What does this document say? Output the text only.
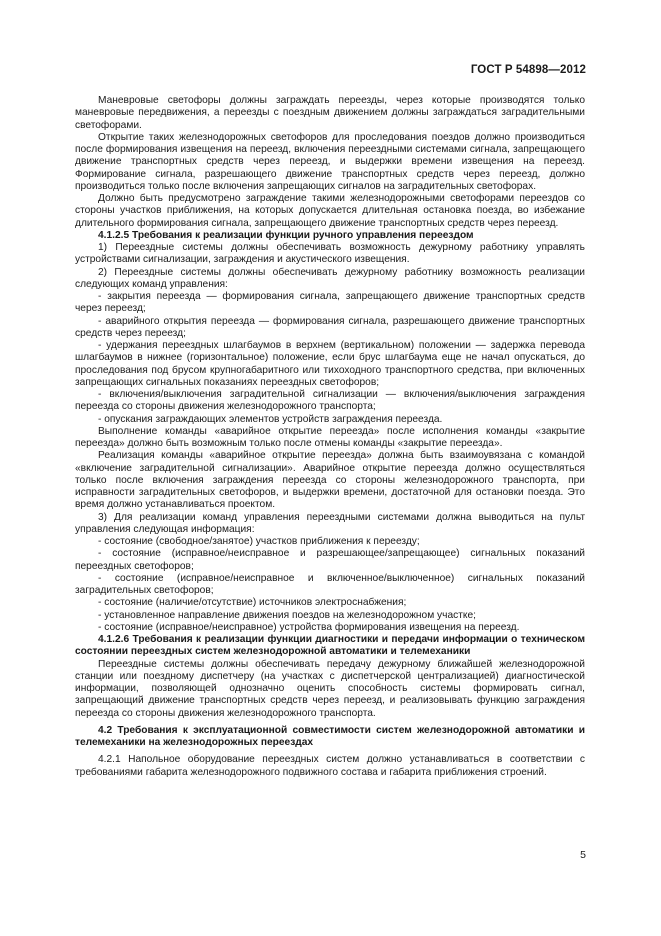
ГОСТ Р 54898—2012

Маневровые светофоры должны заграждать переезды, через которые производятся только маневровые передвижения, а переезды с поездным движением должны заграждаться заградительными светофорами.

Открытие таких железнодорожных светофоров для проследования поездов должно производиться после формирования извещения на переезд, включения переездными системами сигнала, запрещающего движение транспортных средств через переезд, и выдержки времени извещения на переезд. Формирование сигнала, разрешающего движение транспортных средств через переезд, должно производиться только после включения запрещающих сигналов на заградительных светофорах.

Должно быть предусмотрено заграждение такими железнодорожными светофорами переездов со стороны участков приближения, на которых допускается длительная остановка поезда, во избежание длительного формирования сигнала, запрещающего движение транспортных средств через переезд.

4.1.2.5 Требования к реализации функции ручного управления переездом

1) Переездные системы должны обеспечивать возможность дежурному работнику управлять устройствами сигнализации, заграждения и акустического извещения.

2) Переездные системы должны обеспечивать дежурному работнику возможность реализации следующих команд управления:

- закрытия переезда — формирования сигнала, запрещающего движение транспортных средств через переезд;

- аварийного открытия переезда — формирования сигнала, разрешающего движение транспортных средств через переезд;

- удержания переездных шлагбаумов в верхнем (вертикальном) положении — задержка перевода шлагбаумов в нижнее (горизонтальное) положение, если брус шлагбаума еще не начал опускаться, до проследования под брусом крупногабаритного или тихоходного транспортного средства, при включенных запрещающих сигнальных показаниях переездных светофоров;

- включения/выключения заградительной сигнализации — включения/выключения заграждения переезда со стороны движения железнодорожного транспорта;

- опускания заграждающих элементов устройств заграждения переезда.

Выполнение команды «аварийное открытие переезда» после исполнения команды «закрытие переезда» должно быть возможным только после отмены команды «закрытие переезда».

Реализация команды «аварийное открытие переезда» должна быть взаимоувязана с командой «включение заградительной сигнализации». Аварийное открытие переезда должно осуществляться только после включения заграждения переезда со стороны железнодорожного транспорта, при исправности заградительных светофоров, и выдержки времени, достаточной для остановки поезда. Это время должно устанавливаться проектом.

3) Для реализации команд управления переездными системами должна выводиться на пульт управления следующая информация:

- состояние (свободное/занятое) участков приближения к переезду;

- состояние (исправное/неисправное и разрешающее/запрещающее) сигнальных показаний переездных светофоров;

- состояние (исправное/неисправное и включенное/выключенное) сигнальных показаний заградительных светофоров;

- состояние (наличие/отсутствие) источников электроснабжения;

- установленное направление движения поездов на железнодорожном участке;

- состояние (исправное/неисправное) устройства формирования извещения на переезд.

4.1.2.6 Требования к реализации функции диагностики и передачи информации о техническом состоянии переездных систем железнодорожной автоматики и телемеханики

Переездные системы должны обеспечивать передачу дежурному ближайшей железнодорожной станции или поездному диспетчеру (на участках с диспетчерской централизацией) диагностической информации, позволяющей однозначно оценить способность системы формировать сигнал, запрещающий движение транспортных средств через переезд, и реализовывать функцию заграждения переезда со стороны движения железнодорожного транспорта.

4.2 Требования к эксплуатационной совместимости систем железнодорожной автоматики и телемеханики на железнодорожных переездах

4.2.1 Напольное оборудование переездных систем должно устанавливаться в соответствии с требованиями габарита железнодорожного подвижного состава и габарита приближения строений.

5
